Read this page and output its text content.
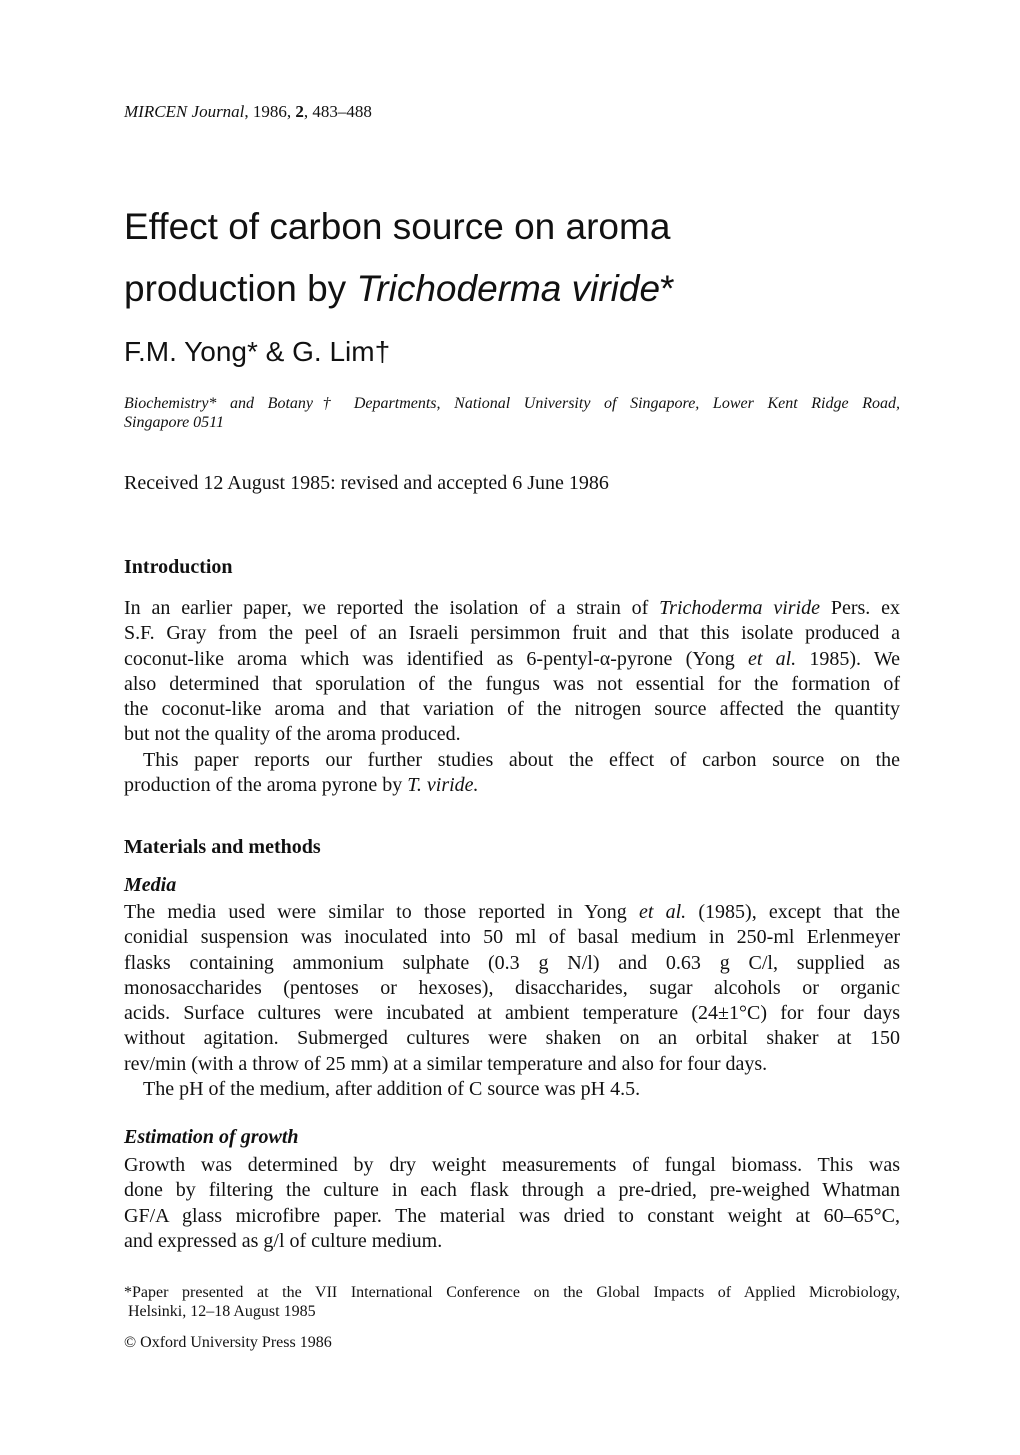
MIRCEN Journal, 1986, 2, 483–488
Effect of carbon source on aroma
production by Trichoderma viride*
F.M. Yong* & G. Lim†
Biochemistry* and Botany† Departments, National University of Singapore, Lower Kent Ridge Road,
Singapore 0511
Received 12 August 1985: revised and accepted 6 June 1986
Introduction
In an earlier paper, we reported the isolation of a strain of Trichoderma viride Pers. ex
S.F. Gray from the peel of an Israeli persimmon fruit and that this isolate produced a
coconut-like aroma which was identified as 6-pentyl-α-pyrone (Yong et al. 1985). We
also determined that sporulation of the fungus was not essential for the formation of
the coconut-like aroma and that variation of the nitrogen source affected the quantity
but not the quality of the aroma produced.
This paper reports our further studies about the effect of carbon source on the
production of the aroma pyrone by T. viride.
Materials and methods
Media
The media used were similar to those reported in Yong et al. (1985), except that the
conidial suspension was inoculated into 50 ml of basal medium in 250-ml Erlenmeyer
flasks containing ammonium sulphate (0.3 g N/l) and 0.63 g C/l, supplied as
monosaccharides (pentoses or hexoses), disaccharides, sugar alcohols or organic
acids. Surface cultures were incubated at ambient temperature (24±1°C) for four days
without agitation. Submerged cultures were shaken on an orbital shaker at 150
rev/min (with a throw of 25 mm) at a similar temperature and also for four days.
The pH of the medium, after addition of C source was pH 4.5.
Estimation of growth
Growth was determined by dry weight measurements of fungal biomass. This was
done by filtering the culture in each flask through a pre-dried, pre-weighed Whatman
GF/A glass microfibre paper. The material was dried to constant weight at 60–65°C,
and expressed as g/l of culture medium.
*Paper presented at the VII International Conference on the Global Impacts of Applied Microbiology,
Helsinki, 12–18 August 1985
© Oxford University Press 1986
